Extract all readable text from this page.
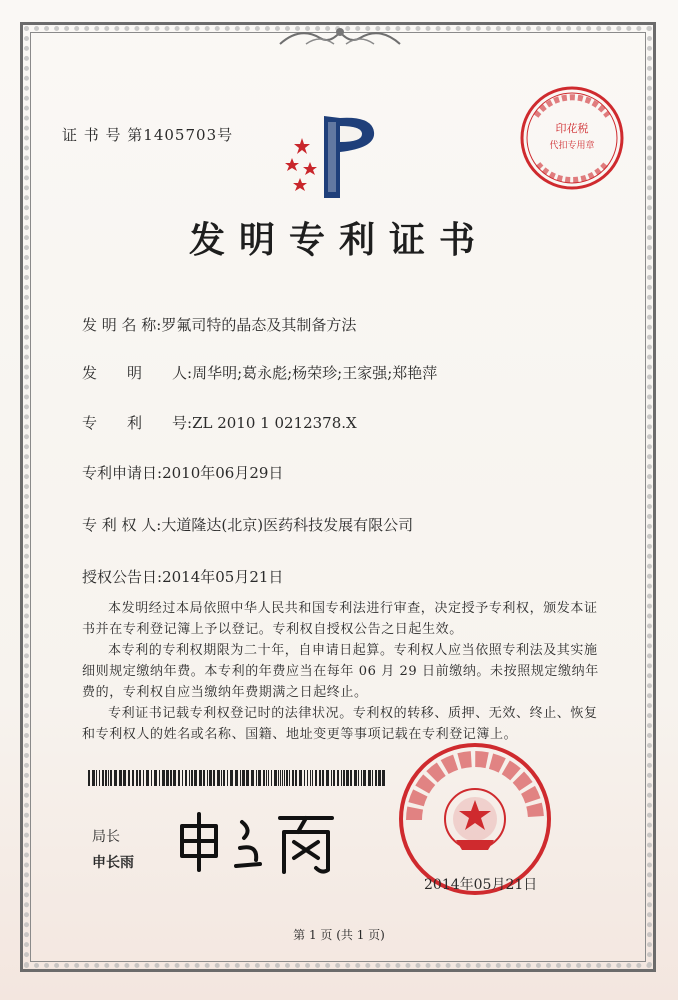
证 书 号 第1405703号	印花税
代扣专用章
发明专利证书
发 明 名 称:罗氟司特的晶态及其制备方法
发　　明　　人:周华明;葛永彪;杨荣珍;王家强;郑艳萍
专　　利　　号:ZL 2010 1 0212378.X
专利申请日:2010年06月29日
专 利 权 人:大道隆达(北京)医药科技发展有限公司
授权公告日:2014年05月21日

本发明经过本局依照中华人民共和国专利法进行审查，决定授予专利权，颁发本证书并在专利登记簿上予以登记。专利权自授权公告之日起生效。

本专利的专利权期限为二十年，自申请日起算。专利权人应当依照专利法及其实施细则规定缴纳年费。本专利的年费应当在每年 06 月 29 日前缴纳。未按照规定缴纳年费的，专利权自应当缴纳年费期满之日起终止。

专利证书记载专利权登记时的法律状况。专利权的转移、质押、无效、终止、恢复和专利权人的姓名或名称、国籍、地址变更等事项记载在专利登记簿上。

局长
申长雨
2014年05月21日
第 1 页 (共 1 页)
